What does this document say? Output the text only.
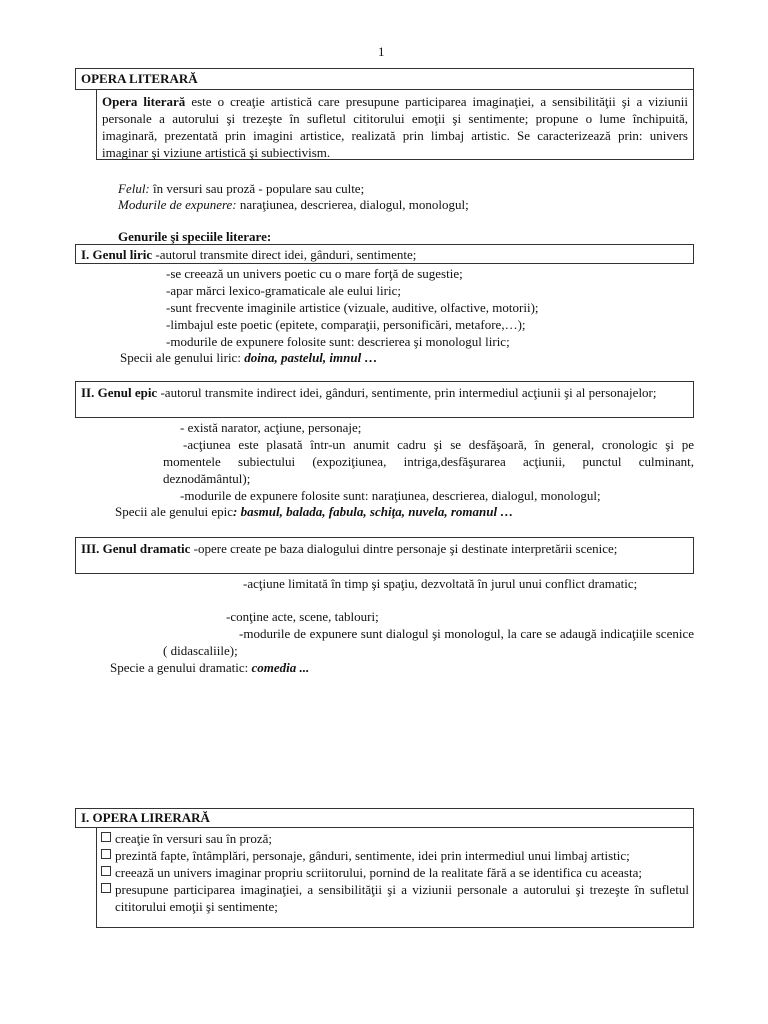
1
OPERA LITERARĂ
Opera literară este o creaţie artistică care presupune participarea imaginaţiei, a sensibilităţii şi a viziunii personale a autorului şi trezeşte în sufletul cititorului emoţii şi sentimente; propune o lume închipuită, imaginară, prezentată prin imagini artistice, realizată prin limbaj artistic. Se caracterizează prin: univers imaginar şi viziune artistică şi subiectivism.
Felul: în versuri sau proză - populare sau culte;
Modurile de expunere: naraţiunea, descrierea, dialogul, monologul;
Genurile şi speciile literare:
I. Genul liric -autorul transmite direct idei, gânduri, sentimente;
-se creează un univers poetic cu o mare forţă de sugestie;
-apar mărci lexico-gramaticale ale eului liric;
-sunt frecvente imaginile artistice (vizuale, auditive, olfactive, motorii);
-limbajul este poetic (epitete, comparaţii, personificări, metafore,…);
-modurile de expunere folosite sunt: descrierea şi monologul liric;
Specii ale genului liric: doina, pastelul, imnul …
II. Genul epic -autorul transmite indirect idei, gânduri, sentimente, prin intermediul acţiunii şi al personajelor;
- există narator, acţiune, personaje;
-acţiunea este plasată într-un anumit cadru şi se desfăşoară, în general, cronologic şi pe momentele subiectului (expoziţiunea, intriga,desfăşurarea acţiunii, punctul culminant, deznodământul);
-modurile de expunere folosite sunt: naraţiunea, descrierea, dialogul, monologul;
Specii ale genului epic: basmul, balada, fabula, schiţa, nuvela, romanul …
III. Genul dramatic -opere create pe baza dialogului dintre personaje şi destinate interpretării scenice;
-acţiune limitată în timp şi spaţiu, dezvoltată în jurul unui conflict dramatic;
-conţine acte, scene, tablouri;
-modurile de expunere sunt dialogul şi monologul, la care se adaugă indicaţiile scenice ( didascaliile);
Specie a genului dramatic: comedia ...
I. OPERA LIRERARĂ
creaţie în versuri sau în proză;
prezintă fapte, întâmplări, personaje, gânduri, sentimente, idei prin intermediul unui limbaj artistic;
creează un univers imaginar propriu scriitorului, pornind de la realitate fără a se identifica cu aceasta;
presupune participarea imaginaţiei, a sensibilităţii şi a viziunii personale a autorului şi trezeşte în sufletul cititorului emoţii şi sentimente;
